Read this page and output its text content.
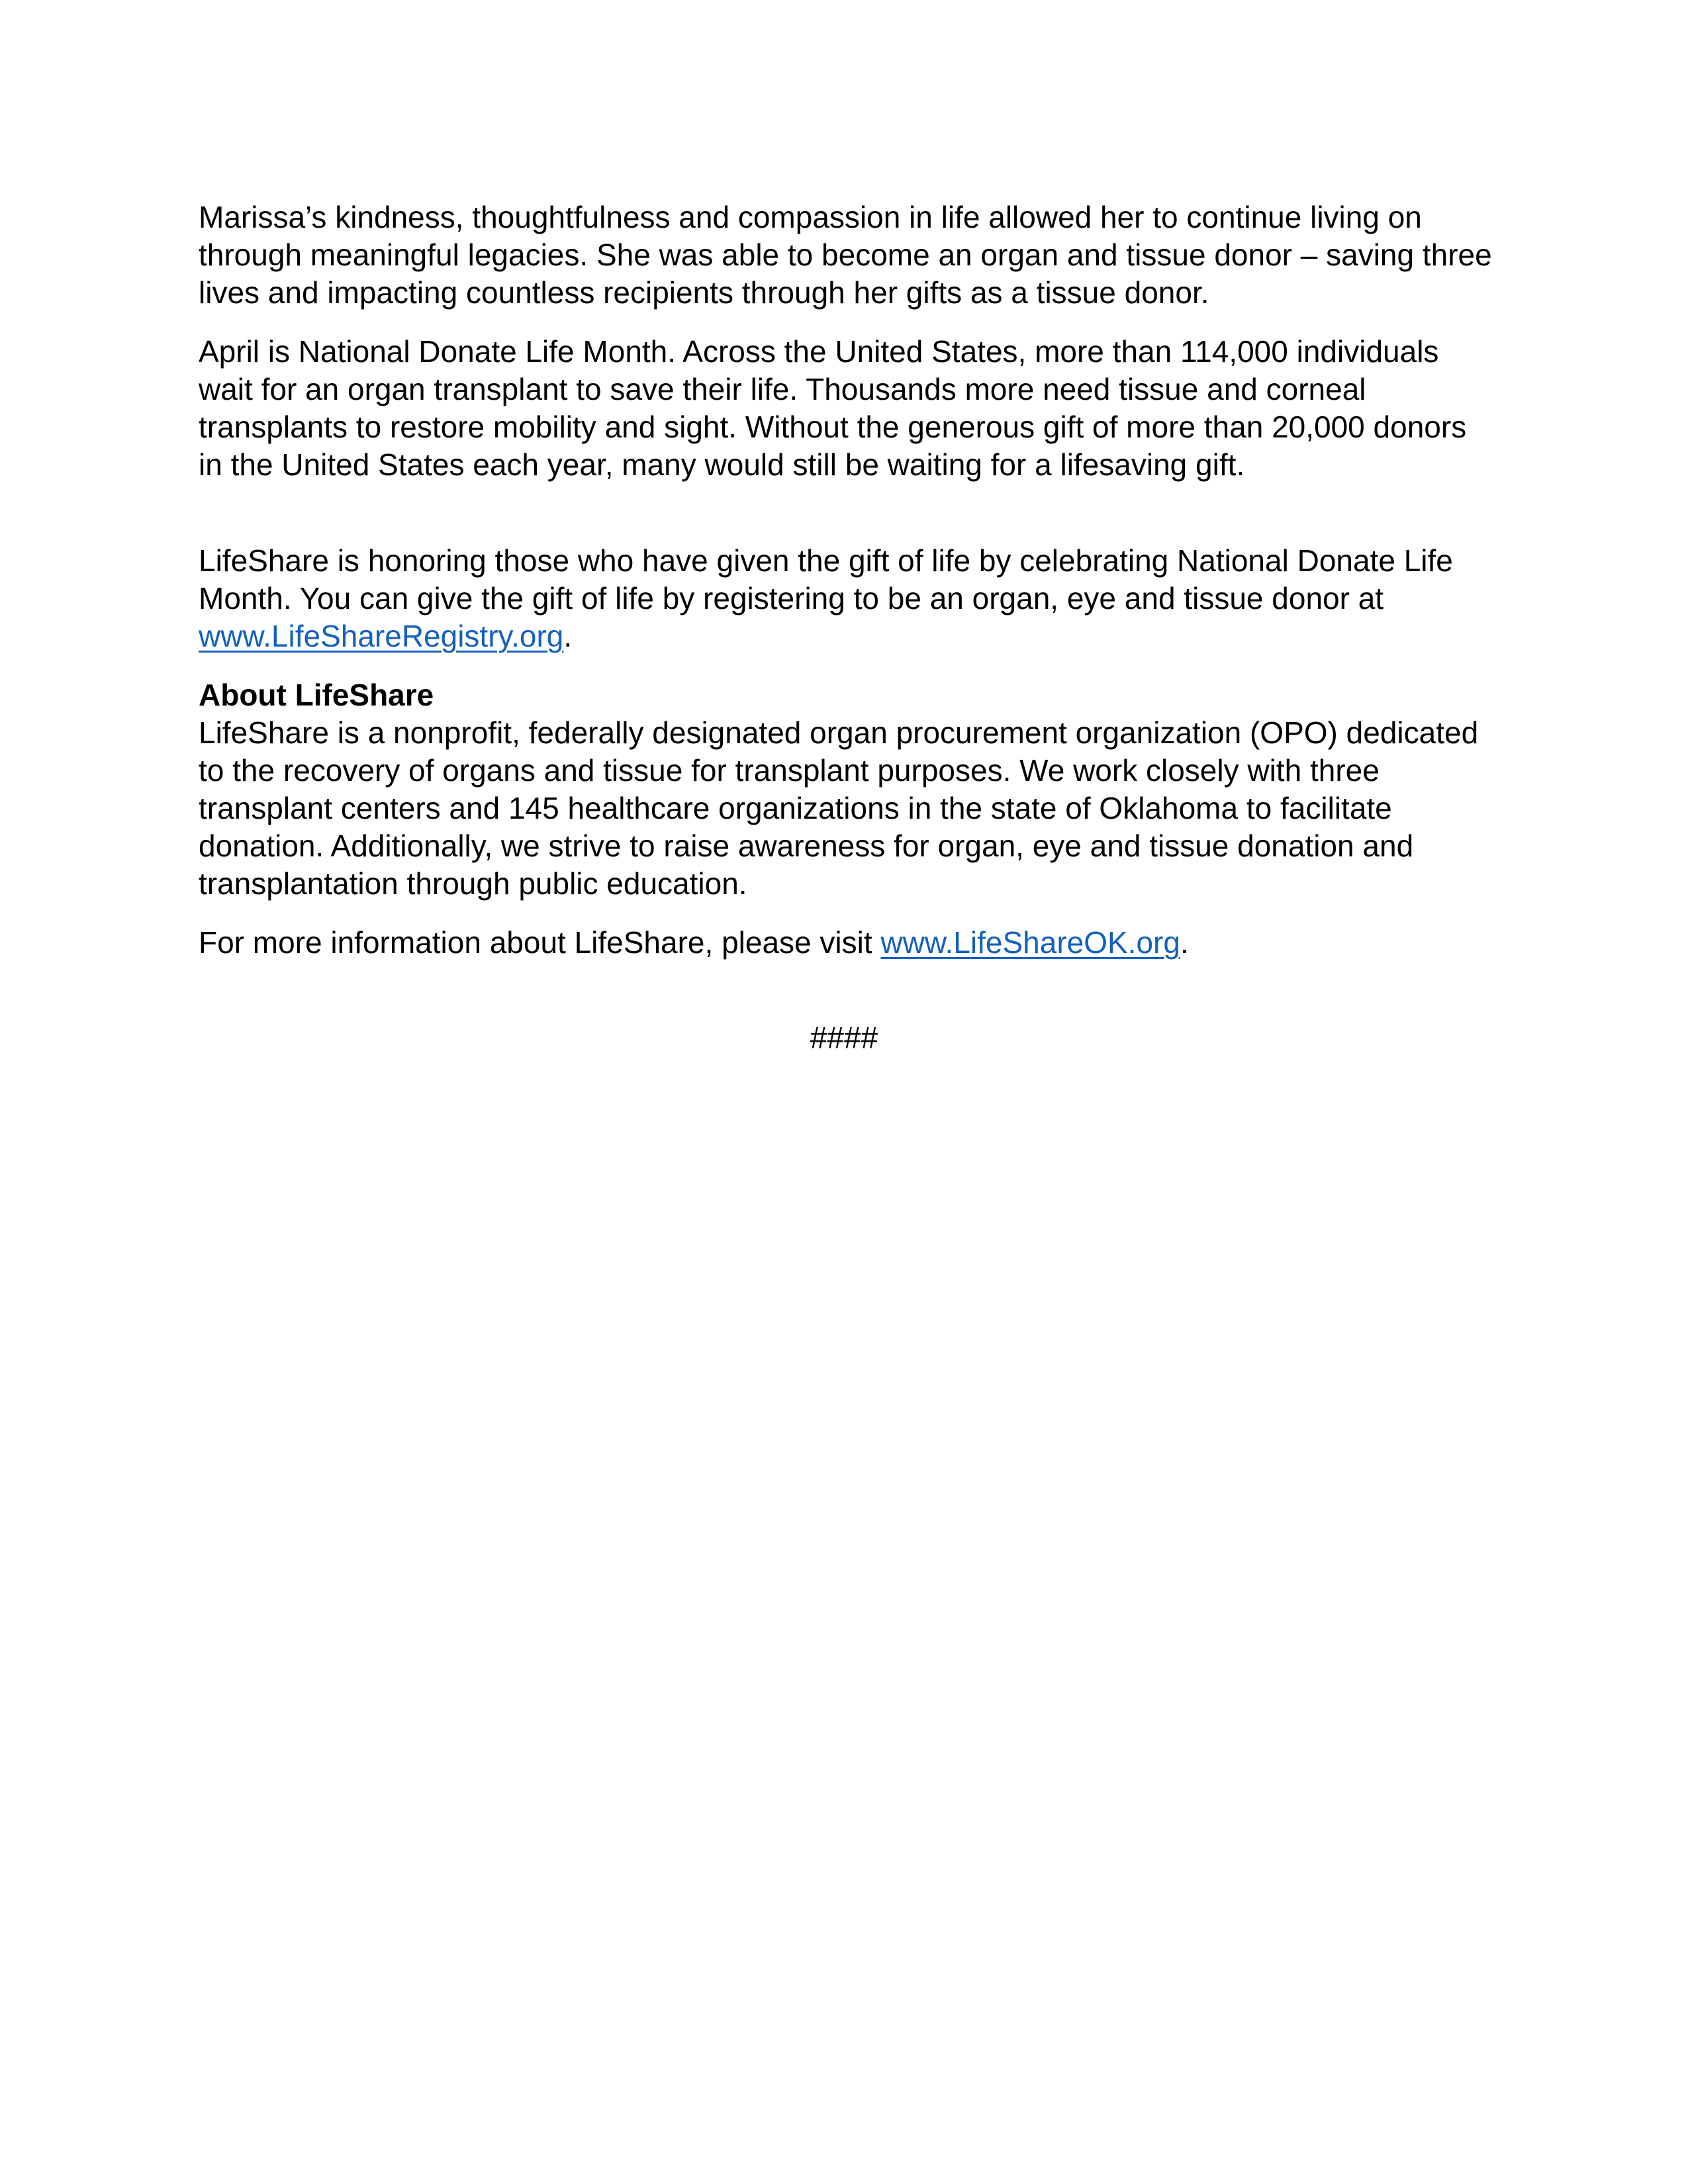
Marissa’s kindness, thoughtfulness and compassion in life allowed her to continue living on through meaningful legacies. She was able to become an organ and tissue donor – saving three lives and impacting countless recipients through her gifts as a tissue donor.

April is National Donate Life Month. Across the United States, more than 114,000 individuals wait for an organ transplant to save their life. Thousands more need tissue and corneal transplants to restore mobility and sight. Without the generous gift of more than 20,000 donors in the United States each year, many would still be waiting for a lifesaving gift.

LifeShare is honoring those who have given the gift of life by celebrating National Donate Life Month. You can give the gift of life by registering to be an organ, eye and tissue donor at www.LifeShareRegistry.org.

About LifeShare

LifeShare is a nonprofit, federally designated organ procurement organization (OPO) dedicated to the recovery of organs and tissue for transplant purposes. We work closely with three transplant centers and 145 healthcare organizations in the state of Oklahoma to facilitate donation. Additionally, we strive to raise awareness for organ, eye and tissue donation and transplantation through public education.

For more information about LifeShare, please visit www.LifeShareOK.org.

####
